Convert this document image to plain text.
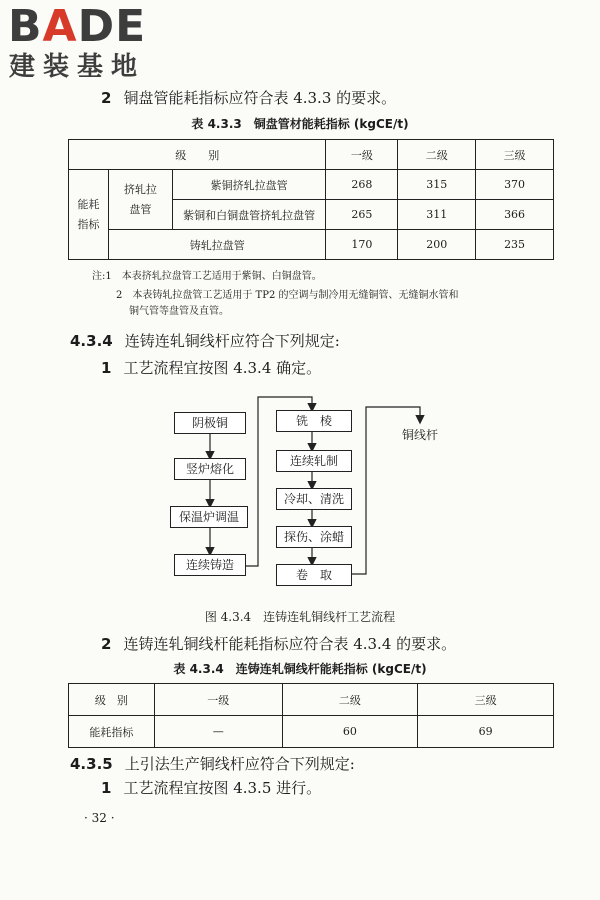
BADE
建装基地
2 铜盘管能耗指标应符合表 4.3.3 的要求。
表 4.3.3　铜盘管材能耗指标 (kgCE/t)
级　　别			一级	二级	三级
能耗指标	挤轧拉盘管	紫铜挤轧拉盘管	268	315	370
		紫铜和白铜盘管挤轧拉盘管	265	311	366
	铸轧拉盘管		170	200	235
注:1　 本表挤轧拉盘管工艺适用于紫铜、白铜盘管。
2　 本表铸轧拉盘管工艺适用于 TP2 的空调与制冷用无缝铜管、无缝铜水管和
铜气管等盘管及直管。
4.3.4 连铸连轧铜线杆应符合下列规定:
1 工艺流程宜按图 4.3.4 确定。
阴极铜
竖炉熔化
保温炉调温
连续铸造
铣　棱
连续轧制
冷却、清洗
探伤、涂蜡
卷　取
铜线杆
图 4.3.4　连铸连轧铜线杆工艺流程
2 连铸连轧铜线杆能耗指标应符合表 4.3.4 的要求。
表 4.3.4　连铸连轧铜线杆能耗指标 (kgCE/t)
级　别	一级	二级	三级
能耗指标	—	60	69
4.3.5 上引法生产铜线杆应符合下列规定:
1 工艺流程宜按图 4.3.5 进行。
· 32 ·
